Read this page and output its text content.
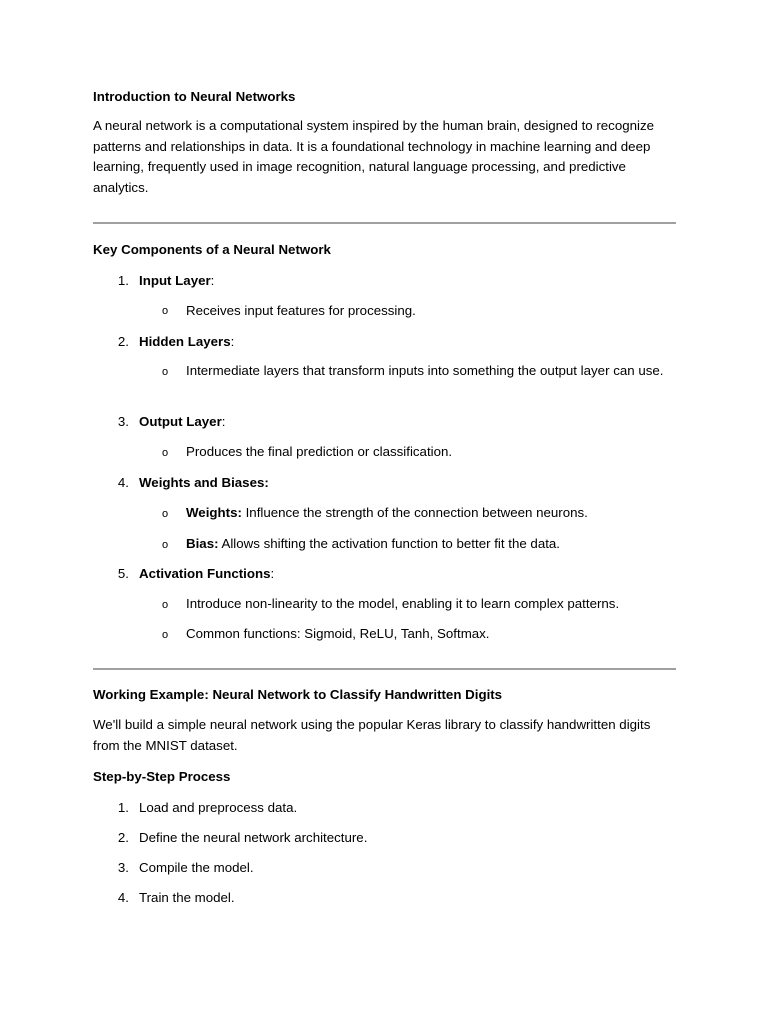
Introduction to Neural Networks
A neural network is a computational system inspired by the human brain, designed to recognize patterns and relationships in data. It is a foundational technology in machine learning and deep learning, frequently used in image recognition, natural language processing, and predictive analytics.
Key Components of a Neural Network
1. Input Layer:
o Receives input features for processing.
2. Hidden Layers:
o Intermediate layers that transform inputs into something the output layer can use.
3. Output Layer:
o Produces the final prediction or classification.
4. Weights and Biases:
o Weights: Influence the strength of the connection between neurons.
o Bias: Allows shifting the activation function to better fit the data.
5. Activation Functions:
o Introduce non-linearity to the model, enabling it to learn complex patterns.
o Common functions: Sigmoid, ReLU, Tanh, Softmax.
Working Example: Neural Network to Classify Handwritten Digits
We'll build a simple neural network using the popular Keras library to classify handwritten digits from the MNIST dataset.
Step-by-Step Process
1. Load and preprocess data.
2. Define the neural network architecture.
3. Compile the model.
4. Train the model.
